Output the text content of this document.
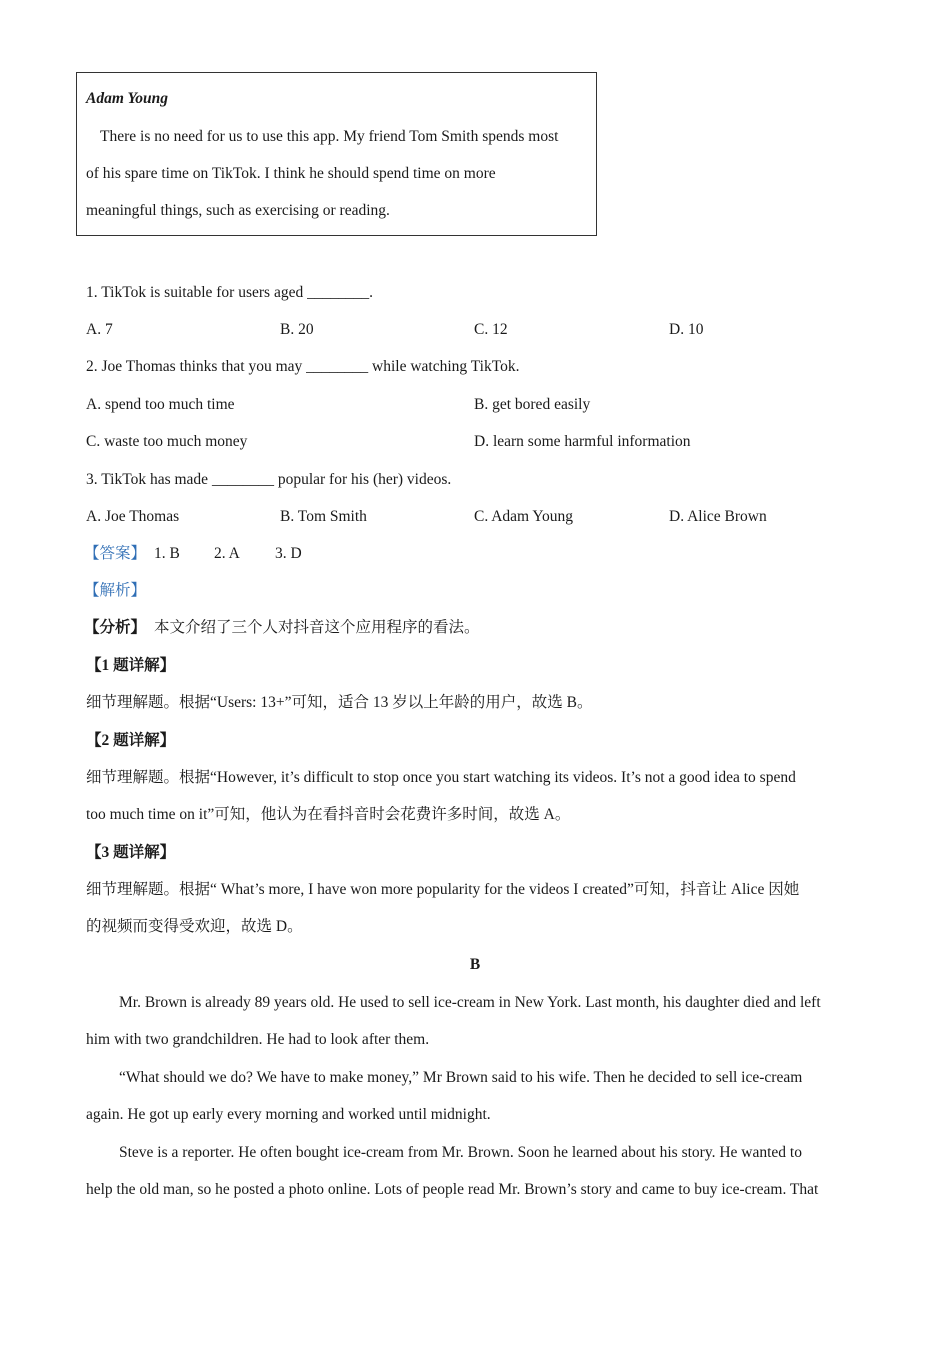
Adam Young
There is no need for us to use this app. My friend Tom Smith spends most
of his spare time on TikTok. I think he should spend time on more
meaningful things, such as exercising or reading.
1. TikTok is suitable for users aged ________.
A. 7	B. 20	C. 12	D. 10
2. Joe Thomas thinks that you may ________ while watching TikTok.
A. spend too much time	B. get bored easily
C. waste too much money	D. learn some harmful information
3. TikTok has made ________ popular for his (her) videos.
A. Joe Thomas	B. Tom Smith	C. Adam Young	D. Alice Brown
【答案】 1. B 2. A 3. D
【解析】
【分析】 本文介绍了三个人对抖音这个应用程序的看法。
【1 题详解】
细节理解题。根据“Users: 13+”可知，适合 13 岁以上年龄的用户，故选 B。
【2 题详解】
细节理解题。根据“However, it’s difficult to stop once you start watching its videos. It’s not a good idea to spend
too much time on it”可知，他认为在看抖音时会花费许多时间，故选 A。
【3 题详解】
细节理解题。根据“ What’s more, I have won more popularity for the videos I created”可知，抖音让 Alice 因她
的视频而变得受欢迎，故选 D。
B
Mr. Brown is already 89 years old. He used to sell ice-cream in New York. Last month, his daughter died and left
him with two grandchildren. He had to look after them.
“What should we do? We have to make money,” Mr Brown said to his wife. Then he decided to sell ice-cream
again. He got up early every morning and worked until midnight.
Steve is a reporter. He often bought ice-cream from Mr. Brown. Soon he learned about his story. He wanted to
help the old man, so he posted a photo online. Lots of people read Mr. Brown’s story and came to buy ice-cream. That
